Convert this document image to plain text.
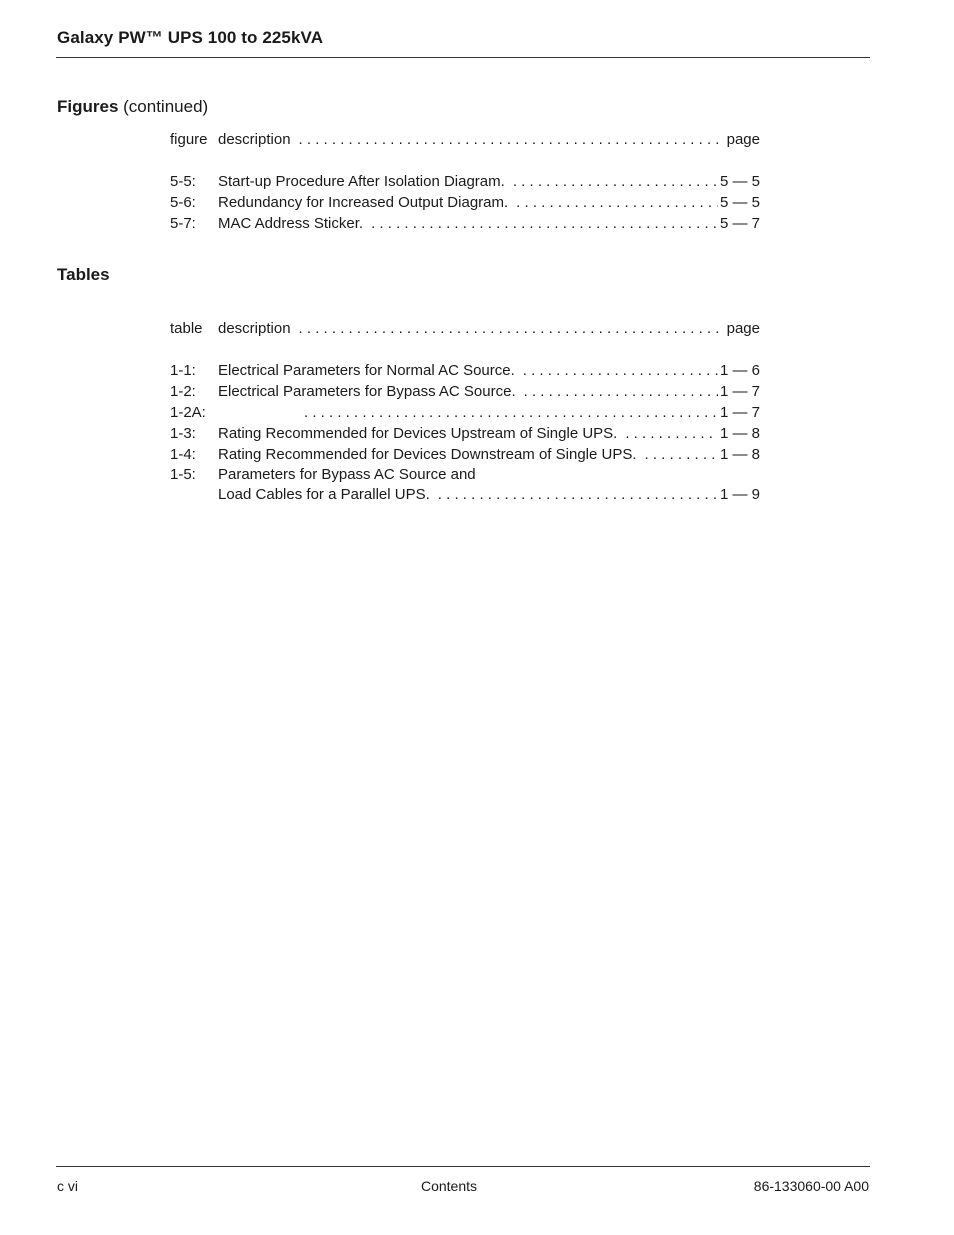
Galaxy PW™ UPS 100 to 225kVA
Figures (continued)
figure description . . .	page
5-5:	Start-up Procedure After Isolation Diagram. . . .	5 — 5
5-6:	Redundancy for Increased Output Diagram. . . .	5 — 5
5-7:	MAC Address Sticker. . . .	5 — 7
Tables
table	description . . .	page
1-1:	Electrical Parameters for Normal AC Source. . . .	1 — 6
1-2:	Electrical Parameters for Bypass AC Source. . . .	1 — 7
1-2A: . . .	1 — 7
1-3:	Rating Recommended for Devices Upstream of Single UPS. . . .	1 — 8
1-4:	Rating Recommended for Devices Downstream of Single UPS. . . .	1 — 8
1-5:	Parameters for Bypass AC Source and
Load Cables for a Parallel UPS. . . .	1 — 9
c vi	Contents	86-133060-00 A00
